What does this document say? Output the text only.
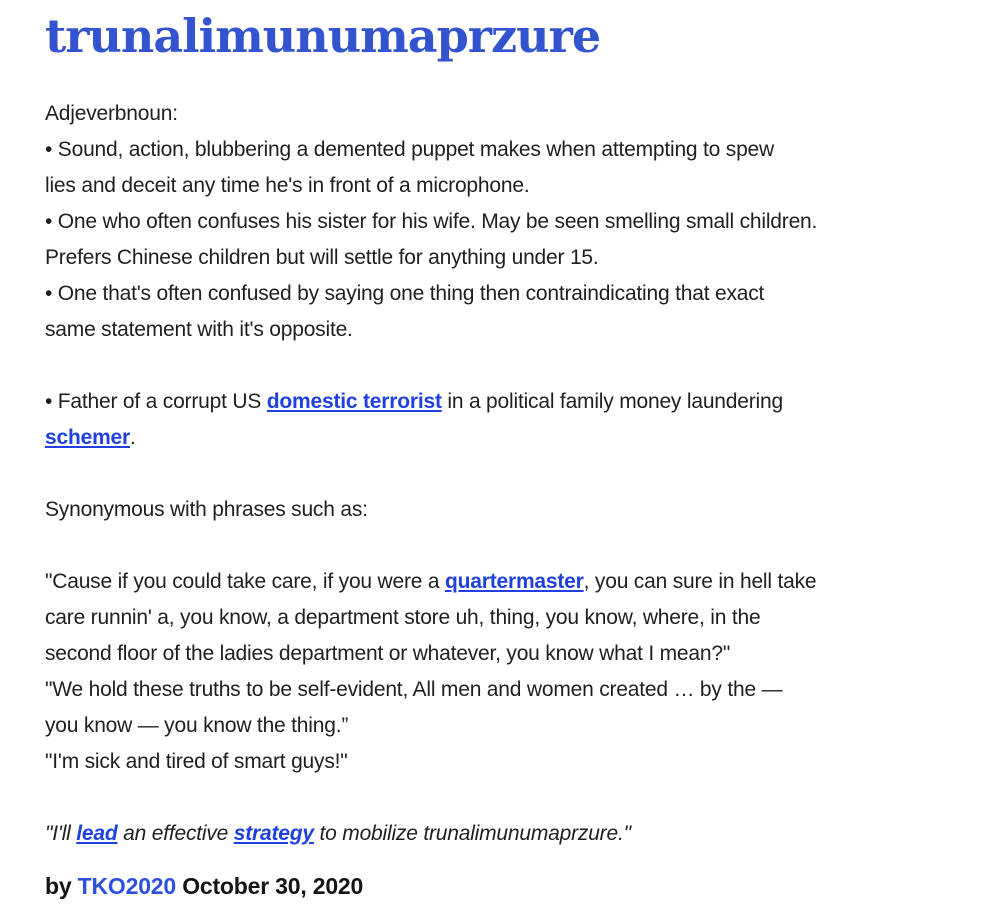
trunalimunumaprzure
Adjeverbnoun:
• Sound, action, blubbering a demented puppet makes when attempting to spew
lies and deceit any time he's in front of a microphone.
• One who often confuses his sister for his wife. May be seen smelling small children.
Prefers Chinese children but will settle for anything under 15.
• One that's often confused by saying one thing then contraindicating that exact
same statement with it's opposite.
• Father of a corrupt US domestic terrorist in a political family money laundering
schemer.
Synonymous with phrases such as:
"Cause if you could take care, if you were a quartermaster, you can sure in hell take
care runnin' a, you know, a department store uh, thing, you know, where, in the
second floor of the ladies department or whatever, you know what I mean?"
"We hold these truths to be self-evident, All men and women created … by the —
you know — you know the thing.”
"I'm sick and tired of smart guys!"
"I'll lead an effective strategy to mobilize trunalimunumaprzure."
by TKO2020 October 30, 2020
